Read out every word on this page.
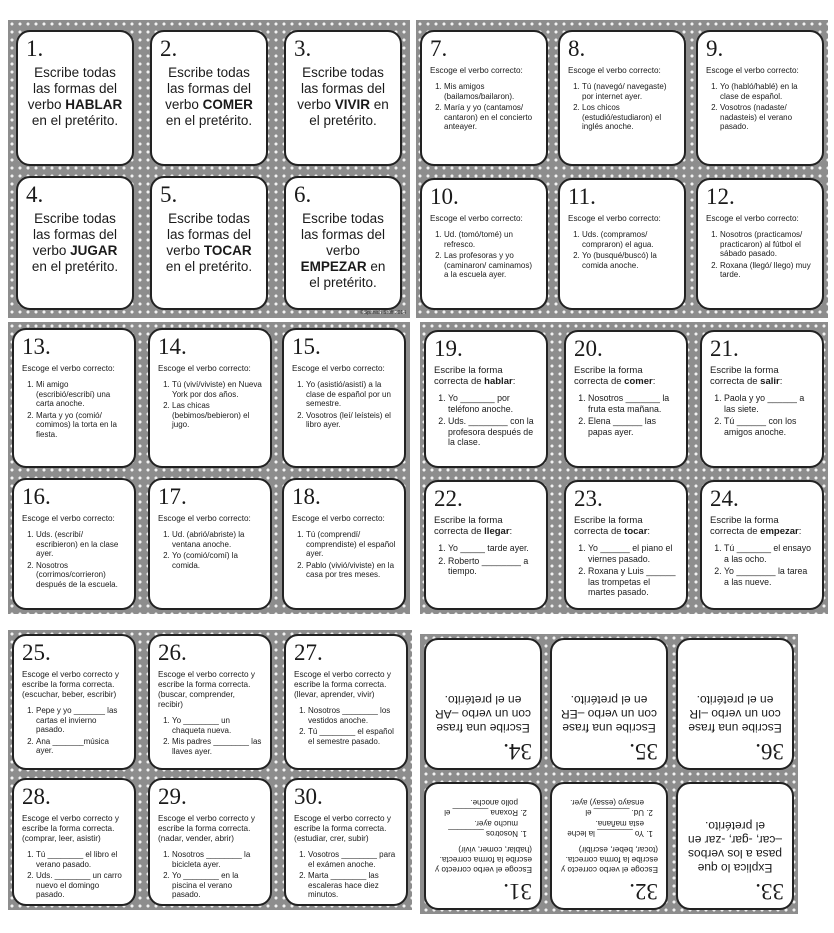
1.
Escribe todas las formas del verbo HABLAR en el pretérito.
2.
Escribe todas las formas del verbo COMER en el pretérito.
3.
Escribe todas las formas del verbo VIVIR en el pretérito.
4.
Escribe todas las formas del verbo JUGAR en el pretérito.
5.
Escribe todas las formas del verbo TOCAR en el pretérito.
6.
Escribe todas las formas del verbo EMPEZAR en el pretérito.
©Spanish Stuff 2014
7.
Escoge el verbo correcto:
1. Mis amigos (bailamos/bailaron).
2. María y yo (cantamos/ cantaron) en el concierto anteayer.
8.
Escoge el verbo correcto:
1. Tú (navegó/ navegaste) por internet ayer.
2. Los chicos (estudió/estudiaron) el inglés anoche.
9.
Escoge el verbo correcto:
1. Yo (habló/hablé) en la clase de español.
2. Vosotros (nadaste/ nadasteis) el verano pasado.
10.
Escoge el verbo correcto:
1. Ud. (tomó/tomé) un refresco.
2. Las profesoras y yo (caminaron/ caminamos) a la escuela ayer.
11.
Escoge el verbo correcto:
1. Uds. (compramos/ compraron) el agua.
2. Yo (busqué/buscó) la comida anoche.
12.
Escoge el verbo correcto:
1. Nosotros (practicamos/ practicaron) al fútbol el sábado pasado.
2. Roxana (llegó/ llego) muy tarde.
13.
Escoge el verbo correcto:
1. Mi amigo (escribió/escribí) una carta anoche.
2. Marta y yo (comió/ comimos) la torta en la fiesta.
14.
Escoge el verbo correcto:
1. Tú (viví/viviste) en Nueva York por dos años.
2. Las chicas (bebimos/bebieron) el jugo.
15.
Escoge el verbo correcto:
1. Yo (asistió/asistí) a la clase de español por un semestre.
2. Vosotros (leí/ leísteis) el libro ayer.
16.
Escoge el verbo correcto:
1. Uds. (escribí/ escribieron) en la clase ayer.
2. Nosotros (corrimos/corrieron) después de la escuela.
17.
Escoge el verbo correcto:
1. Ud. (abrió/abriste) la ventana anoche.
2. Yo (comió/comí) la comida.
18.
Escoge el verbo correcto:
1. Tú (comprendí/ comprendiste) el español ayer.
2. Pablo (vivió/viviste) en la casa por tres meses.
19.
Escribe la forma correcta de hablar:
1. Yo _______ por teléfono anoche.
2. Uds. ________ con la profesora después de la clase.
20.
Escribe la forma correcta de comer:
1. Nosotros _______ la fruta esta mañana.
2. Elena ______ las papas ayer.
21.
Escribe la forma correcta de salir:
1. Paola y yo ______ a las siete.
2. Tú ______ con los amigos anoche.
22.
Escribe la forma correcta de llegar:
1. Yo _____ tarde ayer.
2. Roberto ________ a tiempo.
23.
Escribe la forma correcta de tocar:
1. Yo ______ el piano el viernes pasado.
2. Roxana y Luis ______ las trompetas el martes pasado.
24.
Escribe la forma correcta de empezar:
1. Tú _______ el ensayo a las ocho.
2. Yo ________ la tarea a las nueve.
25.
Escoge el verbo correcto y escribe la forma correcta. (escuchar, beber, escribir)
1. Pepe y yo _______ las cartas el invierno pasado.
2. Ana _______música ayer.
26.
Escoge el verbo correcto y escribe la forma correcta. (buscar, comprender, recibir)
1. Yo ________ un chaqueta nueva.
2. Mis padres ________ las llaves ayer.
27.
Escoge el verbo correcto y escribe la forma correcta. (llevar, aprender, vivir)
1. Nosotros ________ los vestidos anoche.
2. Tú ________ el español el semestre pasado.
28.
Escoge el verbo correcto y escribe la forma correcta. (comprar, leer, asistir)
1. Tú ________ el libro el verano pasado.
2. Uds. ________ un carro nuevo el domingo pasado.
29.
Escoge el verbo correcto y escribe la forma correcta. (nadar, vender, abrir)
1. Nosotros ________ la bicicleta ayer.
2. Yo ________ en la piscina el verano pasado.
30.
Escoge el verbo correcto y escribe la forma correcta. (estudiar, crer, subir)
1. Vosotros ________ para el exámen anoche.
2. Marta ________ las escaleras hace diez minutos.	33.
Explica lo que pasa a los verbos –car, -gar, -zar en el pretérito.
32.
Escoge el verbo correcto y escribe la forma correcta. (tocar, beber, escribir)
1. Yo ________ la leche esta mañana.
2. Ud. ________ el ensayo (essay) ayer.
31.
Escoge el verbo correcto y escribe la forma correcta. (hablar, comer, vivir)
1. Nosotros ________ mucho ayer.
2. Roxana ________ el pollo anoche.
36.
Escribe una frase con un verbo –IR en el pretérito.
35.
Escribe una frase con un verbo –ER en el pretérito.
34.
Escribe una frase con un verbo –AR en el pretérito.
